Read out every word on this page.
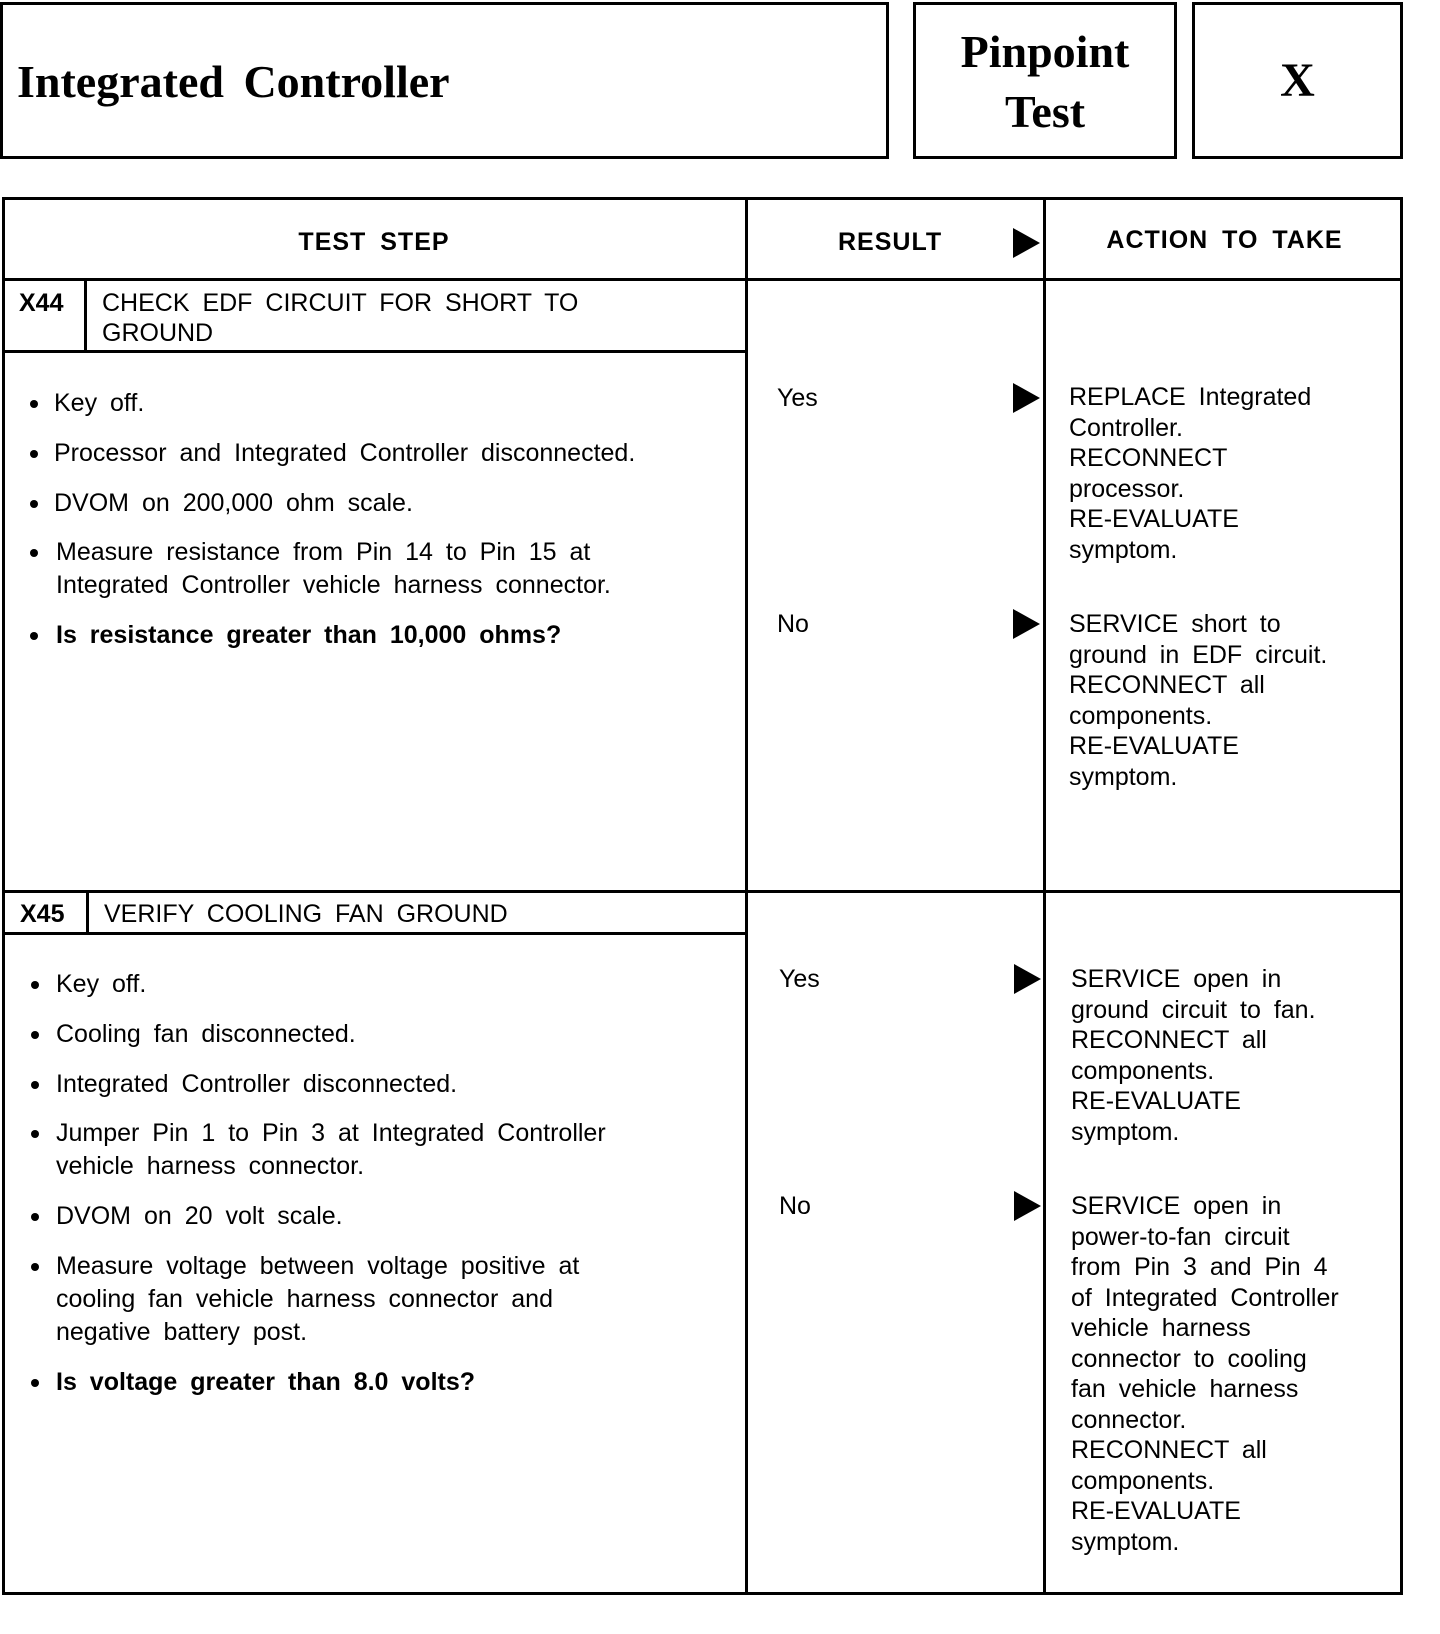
Integrated Controller
Pinpoint
Test
X
TEST STEP	RESULT	ACTION TO TAKE
X44 CHECK EDF CIRCUIT FOR SHORT TO
GROUND
Key off.
Processor and Integrated Controller disconnected.
DVOM on 200,000 ohm scale.
Measure resistance from Pin 14 to Pin 15 at
Integrated Controller vehicle harness connector.
Is resistance greater than 10,000 ohms?
Yes	REPLACE Integrated
Controller.
RECONNECT
processor.
RE-EVALUATE
symptom.
No	SERVICE short to
ground in EDF circuit.
RECONNECT all
components.
RE-EVALUATE
symptom.
X45 VERIFY COOLING FAN GROUND
Key off.
Cooling fan disconnected.
Integrated Controller disconnected.
Jumper Pin 1 to Pin 3 at Integrated Controller
vehicle harness connector.
DVOM on 20 volt scale.
Measure voltage between voltage positive at
cooling fan vehicle harness connector and
negative battery post.
Is voltage greater than 8.0 volts?
Yes	SERVICE open in
ground circuit to fan.
RECONNECT all
components.
RE-EVALUATE
symptom.
No	SERVICE open in
power-to-fan circuit
from Pin 3 and Pin 4
of Integrated Controller
vehicle harness
connector to cooling
fan vehicle harness
connector.
RECONNECT all
components.
RE-EVALUATE
symptom.
